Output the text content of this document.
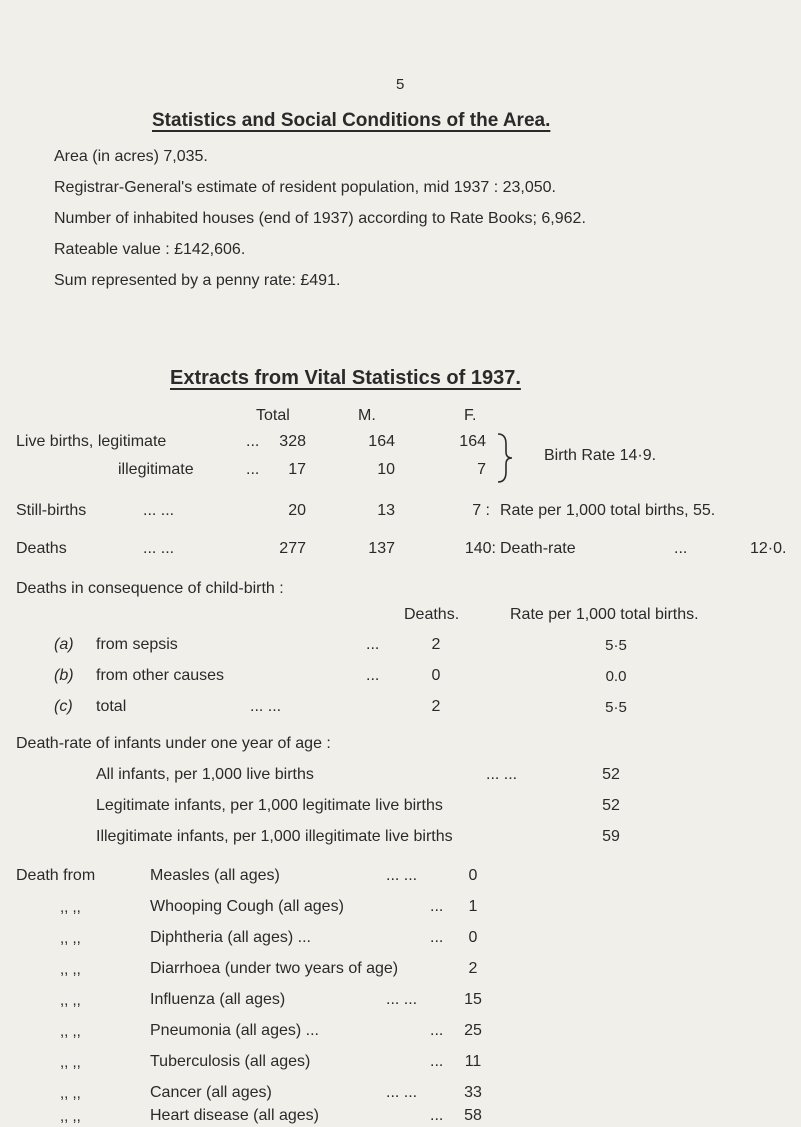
5
Statistics and Social Conditions of the Area.
Area (in acres) 7,035.
Registrar-General's estimate of resident population, mid 1937 : 23,050.
Number of inhabited houses (end of 1937) according to Rate Books; 6,962.
Rateable value : £142,606.
Sum represented by a penny rate: £491.
Extracts from Vital Statistics of 1937.
Total	M.	F.
Live births, legitimate	...	328	164	164
illegitimate	...	17	10	7
Birth Rate 14·9.
Still-births	... ...	20	13	7 : Rate per 1,000 total births, 55.
Deaths	... ...	277	137	140: Death-rate	...	12·0.
Deaths in consequence of child-birth :
Deaths.	Rate per 1,000 total births.
(a) from sepsis	...	2	5·5
(b) from other causes	...	0	0.0
(c) total	... ...	2	5·5
Death-rate of infants under one year of age :
All infants, per 1,000 live births	... ...	52
Legitimate infants, per 1,000 legitimate live births	52
Illegitimate infants, per 1,000 illegitimate live births	59
Death from	Measles (all ages)	... ...	0
,, ,,	Whooping Cough (all ages)	...	1
,, ,,	Diphtheria (all ages) ...	...	0
,, ,,	Diarrhoea (under two years of age)	2
,, ,,	Influenza (all ages)	... ...	15
,, ,,	Pneumonia (all ages) ...	...	25
,, ,,	Tuberculosis (all ages)	...	11
,, ,,	Cancer (all ages)	... ...	33
,, ,,	Heart disease (all ages)	...	58
